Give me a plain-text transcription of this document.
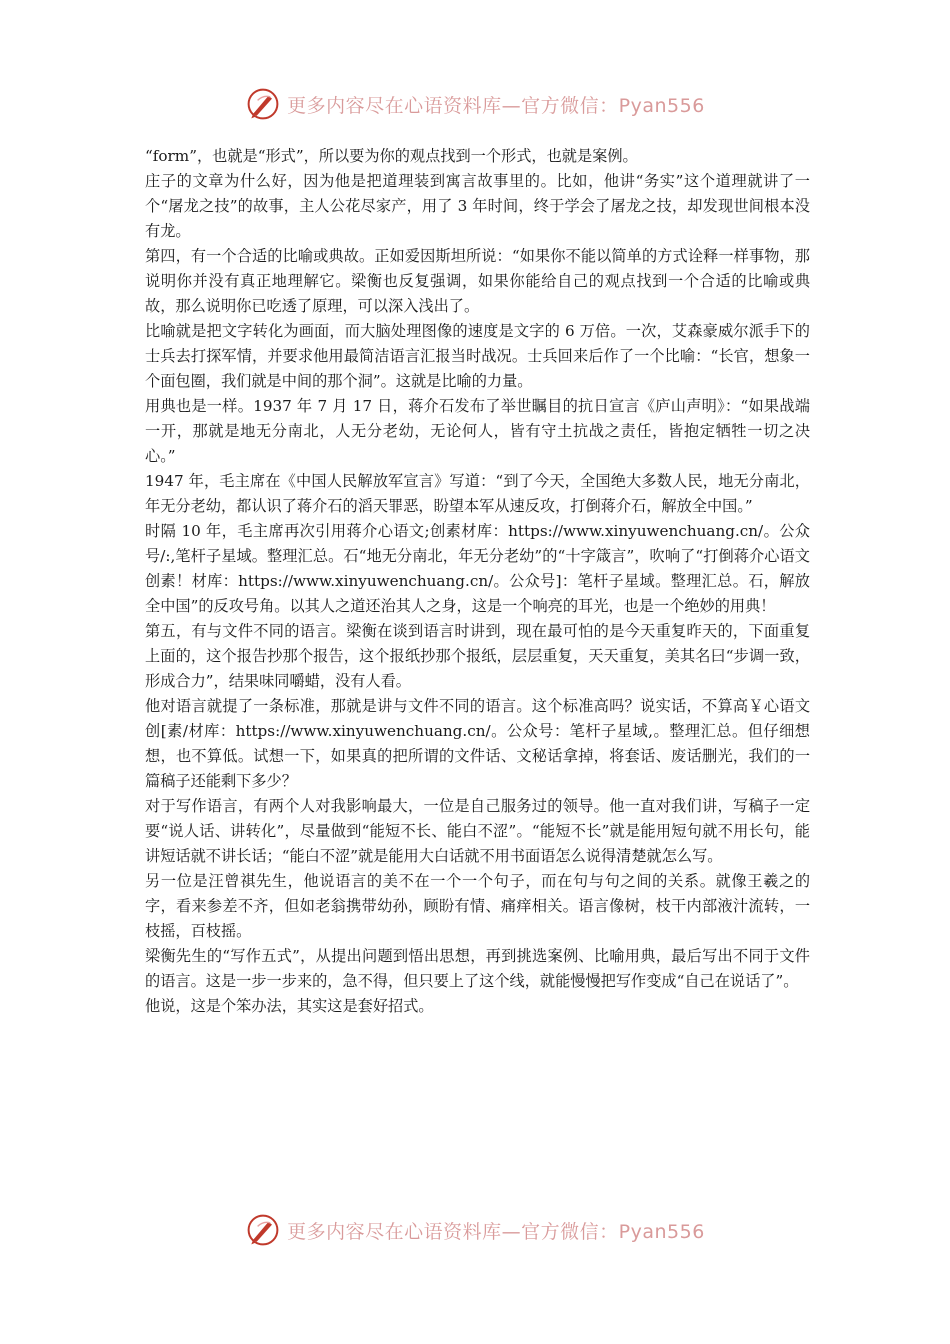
更多内容尽在心语资料库—官方微信：Pyan556

“form”，也就是“形式”，所以要为你的观点找到一个形式，也就是案例。

庄子的文章为什么好，因为他是把道理装到寓言故事里的。比如，他讲“务实”这个道理就讲了一个“屠龙之技”的故事，主人公花尽家产，用了 3 年时间，终于学会了屠龙之技，却发现世间根本没有龙。

第四，有一个合适的比喻或典故。正如爱因斯坦所说：“如果你不能以简单的方式诠释一样事物，那说明你并没有真正地理解它。梁衡也反复强调，如果你能给自己的观点找到一个合适的比喻或典故，那么说明你已吃透了原理，可以深入浅出了。

比喻就是把文字转化为画面，而大脑处理图像的速度是文字的 6 万倍。一次，艾森豪威尔派手下的士兵去打探军情，并要求他用最简洁语言汇报当时战况。士兵回来后作了一个比喻：“长官，想象一个面包圈，我们就是中间的那个洞”。这就是比喻的力量。

用典也是一样。1937 年 7 月 17 日，蒋介石发布了举世瞩目的抗日宣言《庐山声明》：“如果战端一开，那就是地无分南北，人无分老幼，无论何人，皆有守土抗战之责任，皆抱定牺牲一切之决心。”

1947 年，毛主席在《中国人民解放军宣言》写道：“到了今天，全国绝大多数人民，地无分南北，年无分老幼，都认识了蒋介石的滔天罪恶，盼望本军从速反攻，打倒蒋介石，解放全中国。”

时隔 10 年，毛主席再次引用蒋介心语文;创素材库：https://www.xinyuwenchuang.cn/。公众号/:,笔杆子星域。整理汇总。石“地无分南北，年无分老幼”的“十字箴言”，吹响了“打倒蒋介心语文创素！材库：https://www.xinyuwenchuang.cn/。公众号]：笔杆子星域。整理汇总。石，解放全中国”的反攻号角。以其人之道还治其人之身，这是一个响亮的耳光，也是一个绝妙的用典！

第五，有与文件不同的语言。梁衡在谈到语言时讲到，现在最可怕的是今天重复昨天的，下面重复上面的，这个报告抄那个报告，这个报纸抄那个报纸，层层重复，天天重复，美其名曰“步调一致，形成合力”，结果味同嚼蜡，没有人看。

他对语言就提了一条标准，那就是讲与文件不同的语言。这个标准高吗？说实话，不算高￥心语文创[素/材库：https://www.xinyuwenchuang.cn/。公众号：笔杆子星域,。整理汇总。但仔细想想，也不算低。试想一下，如果真的把所谓的文件话、文秘话拿掉，将套话、废话删光，我们的一篇稿子还能剩下多少？

对于写作语言，有两个人对我影响最大，一位是自己服务过的领导。他一直对我们讲，写稿子一定要“说人话、讲转化”，尽量做到“能短不长、能白不涩”。“能短不长”就是能用短句就不用长句，能讲短话就不讲长话；“能白不涩”就是能用大白话就不用书面语怎么说得清楚就怎么写。

另一位是汪曾祺先生，他说语言的美不在一个一个句子，而在句与句之间的关系。就像王羲之的字，看来参差不齐，但如老翁携带幼孙，顾盼有情、痛痒相关。语言像树，枝干内部液汁流转，一枝摇，百枝摇。

梁衡先生的“写作五式”，从提出问题到悟出思想，再到挑选案例、比喻用典，最后写出不同于文件的语言。这是一步一步来的，急不得，但只要上了这个线，就能慢慢把写作变成“自己在说话了”。

他说，这是个笨办法，其实这是套好招式。

更多内容尽在心语资料库—官方微信：Pyan556
